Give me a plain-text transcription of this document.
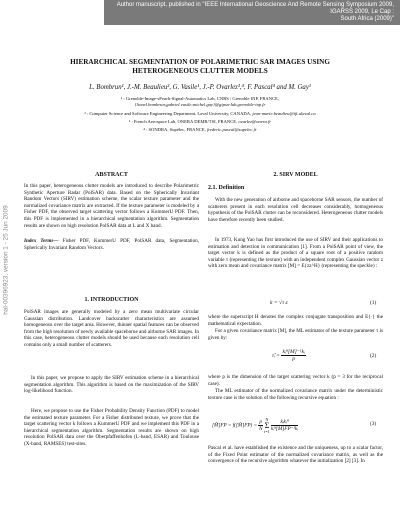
Author manuscript, published in "IEEE International Geoscience And Remote Sensing Symposium 2009, IGARSS 2009, Le Cap :
South Africa (2009)"
hal-00396923, version 1 - 25 Jun 2009
HIERARCHICAL SEGMENTATION OF POLARIMETRIC SAR IMAGES USING
HETEROGENEOUS CLUTTER MODELS
L. Bombrun¹, J.-M. Beaulieu², G. Vasile¹, J.-P. Ovarlez³,⁴, F. Pascal⁴ and M. Gay¹
¹ : Grenoble-Image-sPeach-Signal-Automatics Lab, CNRS / Grenoble INP, FRANCE,
{lionel.bombrun;gabriel.vasile;michel.gay}@gipsa-lab.grenoble-inp.fr
² : Computer Science and Software Engineering Department, Laval University, CANADA, jean-marie.beaulieu@ift.ulaval.ca
³ : French Aerospace Lab, ONERA DEMR/TSI, FRANCE, ovarlez@onera.fr
⁴ : SONDRA, Supélec, FRANCE, frederic.pascal@supelec.fr
ABSTRACT

In this paper, heterogeneous clutter models are introduced to describe Polarimetric Synthetic Aperture Radar (PolSAR) data. Based on the Spherically Invariant Random Vectors (SIRV) estimation scheme, the scalar texture parameter and the normalized covariance matrix are extracted. If the texture parameter is modeled by a Fisher PDF, the observed target scattering vector follows a KummerU PDF. Then, this PDF is implemented in a hierarchical segmentation algorithm. Segmentation results are shown on high resolution PolSAR data at L and X band.

Index Terms— Fisher PDF, KummerU PDF, PolSAR data, Segmentation, Spherically Invariant Random Vectors.
1. INTRODUCTION

PolSAR images are generally modeled by a zero mean multivariate circular Gaussian distribution. Landcover backscatter characteristics are assumed homogeneous over the target area. However, thinner spatial features can be observed from the high resolution of newly available spaceborne and airborne SAR images. In this case, heterogeneous clutter models should be used because each resolution cell contains only a small number of scatterers.

In this paper, we propose to apply the SIRV estimation scheme in a hierarchical segmentation algorithm. This algorithm is based on the maximization of the SIRV log-likelihood function.

Here, we propose to use the Fisher Probability Density Function (PDF) to model the estimated texture parameter. For a Fisher distributed texture, we prove that the target scattering vector k follows a KummerU PDF and we implement this PDF in a hierarchical segmentation algorithm. Segmentation results are shown on high resolution PolSAR data over the Oberpfaffenhofen (L-band, ESAR) and Toulouse (X-band, RAMSES) test-sites.

2. SIRV MODEL
2.1. Definition

With the new generation of airborne and spaceborne SAR sensors, the number of scatterers present in each resolution cell decreases considerably, homogeneous hypothesis of the PolSAR clutter can be reconsidered. Heterogeneous clutter models have therefore recently been studied.

In 1973, Kung Yao has first introduced the use of SIRV and their applications to estimation and detection in communication [1]. From a PolSAR point of view, the target vector k is defined as the product of a square root of a positive random variable τ (representing the texture) with an independent complex Gaussian vector z with zero mean and covariance matrix [M] = E{zz^H} (representing the speckle) :

k = √τ z	(1)

where the superscript H denotes the complex conjugate transposition and E{·} the mathematical expectation.

For a given covariance matrix [M], the ML estimator of the texture parameter τ is given by:

τ̂ᵢ = $\frac{\text{kᵢᴴ[M]⁻¹kᵢ}}{p}$	(2)

where p is the dimension of the target scattering vector k (p = 3 for the reciprocal case).

The ML estimator of the normalized covariance matrix under the deterministic texture case is the solution of the following recursive equation :

[M̂]FP = f([M̂]FP) = $\frac{p}{N}$
N
Σ
i=1
$\frac{\text{kᵢkᵢᴴ}}{\text{kᵢᴴ[M̂]FP⁻¹kᵢ}}$	(3)

Pascal et al. have established the existence and the uniqueness, up to a scalar factor, of the Fixed Point estimator of the normalized covariance matrix, as well as the convergence of the recursive algorithm whatever the initialization [2] [3]. In
